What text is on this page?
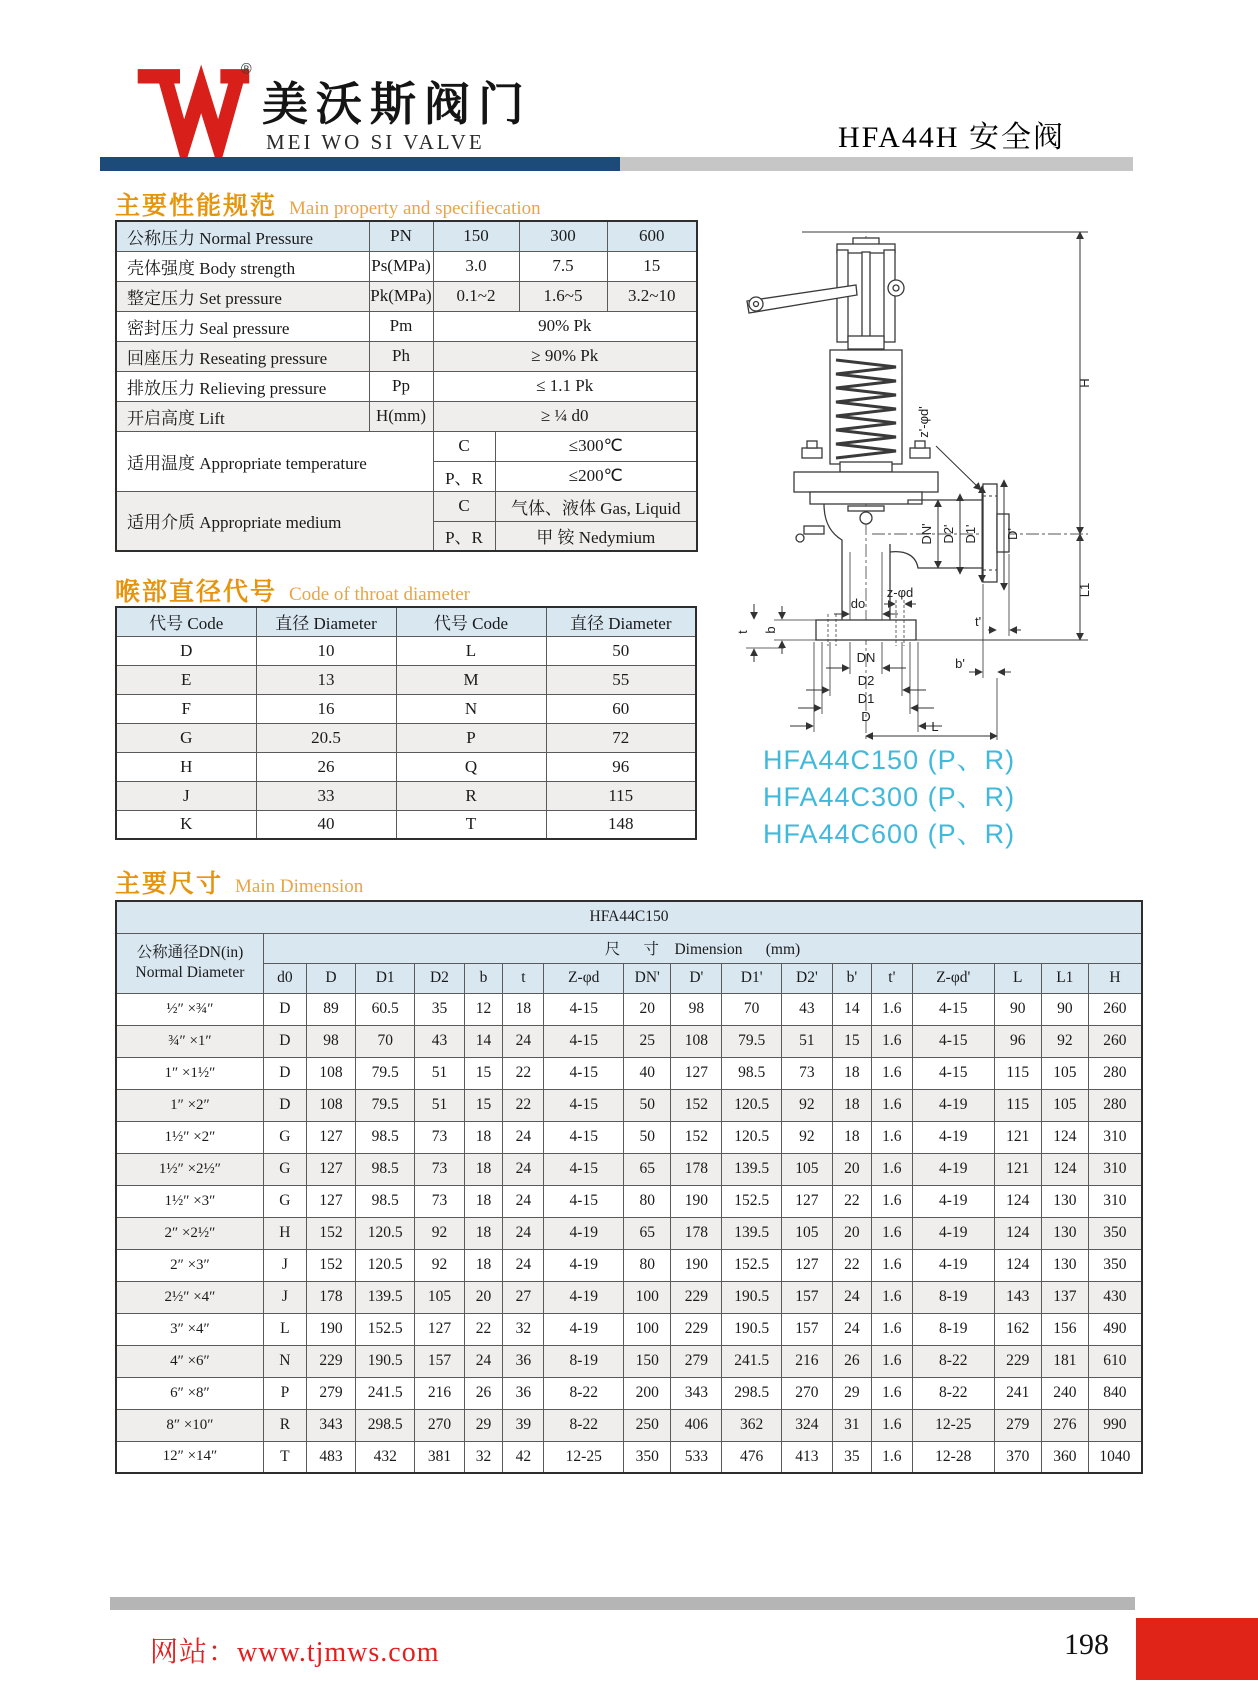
®
美沃斯阀门
MEI WO SI VALVE	HFA44H 安全阀
主要性能规范 Main property and specifiecation
公称压力 Normal Pressure	PN	150		300	600
壳体强度 Body strength	Ps(MPa)	3.0		7.5	15
整定压力 Set pressure	Pk(MPa)	0.1~2		1.6~5	3.2~10
密封压力 Seal pressure	Pm	90% Pk			
回座压力 Reseating pressure	Ph	≥ 90% Pk			
排放压力 Relieving pressure	Pp	≤ 1.1 Pk			
开启高度 Lift	H(mm)	≥ ¼ d0			
适用温度 Appropriate temperature		C	≤300℃		
		P、R	≤200℃		
适用介质 Appropriate medium		C	气体、液体 Gas, Liquid		
		P、R	甲 铵 Nedymium		
喉部直径代号 Code of throat diameter
代号 Code	直径 Diameter	代号 Code	直径 Diameter
D	10	L	50
E	13	M	55
F	16	N	60
G	20.5	P	72
H	26	Q	96
J	33	R	115
K	40	T	148
H
L1
z'-φd'
DN' D2' D1' D'
z-φd
do
t b
t'
b'
DN
D2
D1
D
L
HFA44C150 (P、R)
HFA44C300 (P、R)
HFA44C600 (P、R)
主要尺寸 Main Dimension
HFA44C150																	

公称通径DN(in)
Normal Diameter	尺      寸    Dimension      (mm)																
	d0	D	D1	D2	b	t	Z-φd	DN'	D'	D1'	D2'	b'	t'	Z-φd'	L	L1	H
½″ ×¾″	D	89	60.5	35	12	18	4-15	20	98	70	43	14	1.6	4-15	90	90	260
¾″ ×1″	D	98	70	43	14	24	4-15	25	108	79.5	51	15	1.6	4-15	96	92	260
1″ ×1½″	D	108	79.5	51	15	22	4-15	40	127	98.5	73	18	1.6	4-15	115	105	280
1″ ×2″	D	108	79.5	51	15	22	4-15	50	152	120.5	92	18	1.6	4-19	115	105	280
1½″ ×2″	G	127	98.5	73	18	24	4-15	50	152	120.5	92	18	1.6	4-19	121	124	310
1½″ ×2½″	G	127	98.5	73	18	24	4-15	65	178	139.5	105	20	1.6	4-19	121	124	310
1½″ ×3″	G	127	98.5	73	18	24	4-15	80	190	152.5	127	22	1.6	4-19	124	130	310
2″ ×2½″	H	152	120.5	92	18	24	4-19	65	178	139.5	105	20	1.6	4-19	124	130	350
2″ ×3″	J	152	120.5	92	18	24	4-19	80	190	152.5	127	22	1.6	4-19	124	130	350
2½″ ×4″	J	178	139.5	105	20	27	4-19	100	229	190.5	157	24	1.6	8-19	143	137	430
3″ ×4″	L	190	152.5	127	22	32	4-19	100	229	190.5	157	24	1.6	8-19	162	156	490
4″ ×6″	N	229	190.5	157	24	36	8-19	150	279	241.5	216	26	1.6	8-22	229	181	610
6″ ×8″	P	279	241.5	216	26	36	8-22	200	343	298.5	270	29	1.6	8-22	241	240	840
8″ ×10″	R	343	298.5	270	29	39	8-22	250	406	362	324	31	1.6	12-25	279	276	990
12″ ×14″	T	483	432	381	32	42	12-25	350	533	476	413	35	1.6	12-28	370	360	1040
网站：www.tjmws.com	198
